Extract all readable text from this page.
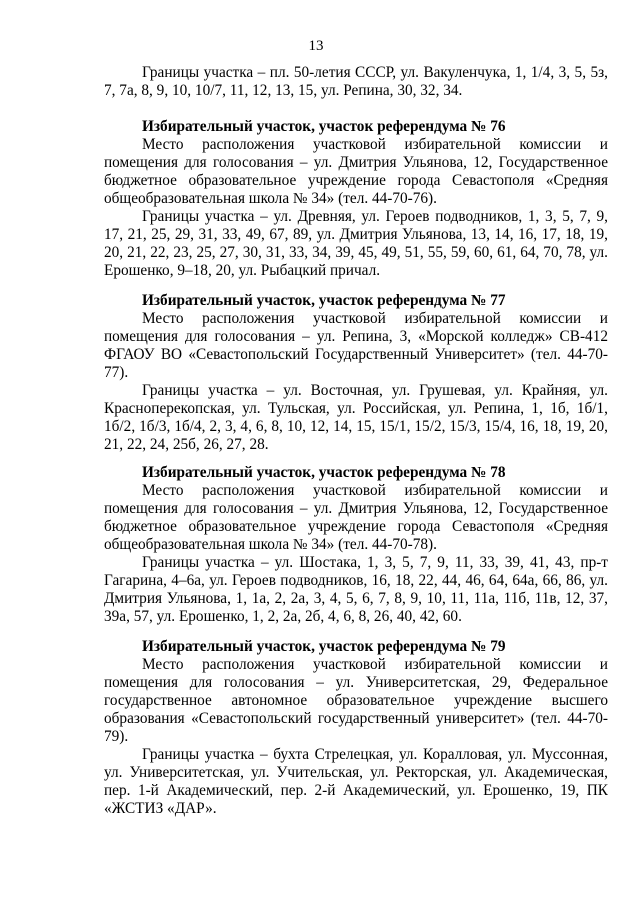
13

Границы участка – пл. 50-летия СССР, ул. Вакуленчука, 1, 1/4, 3, 5, 5з, 7, 7а, 8, 9, 10, 10/7, 11, 12, 13, 15, ул. Репина, 30, 32, 34.

Избирательный участок, участок референдума № 76

Место расположения участковой избирательной комиссии и помещения для голосования – ул. Дмитрия Ульянова, 12, Государственное бюджетное образовательное учреждение города Севастополя «Средняя общеобразовательная школа № 34» (тел. 44-70-76).

Границы участка – ул. Древняя, ул. Героев подводников, 1, 3, 5, 7, 9, 17, 21, 25, 29, 31, 33, 49, 67, 89, ул. Дмитрия Ульянова, 13, 14, 16, 17, 18, 19, 20, 21, 22, 23, 25, 27, 30, 31, 33, 34, 39, 45, 49, 51, 55, 59, 60, 61, 64, 70, 78, ул. Ерошенко, 9–18, 20, ул. Рыбацкий причал.

Избирательный участок, участок референдума № 77

Место расположения участковой избирательной комиссии и помещения для голосования – ул. Репина, 3, «Морской колледж» СВ-412 ФГАОУ ВО «Севастопольский Государственный Университет» (тел. 44-70-77).

Границы участка – ул. Восточная, ул. Грушевая, ул. Крайняя, ул. Красноперекопская, ул. Тульская, ул. Российская, ул. Репина, 1, 1б, 1б/1, 1б/2, 1б/3, 1б/4, 2, 3, 4, 6, 8, 10, 12, 14, 15, 15/1, 15/2, 15/3, 15/4, 16, 18, 19, 20, 21, 22, 24, 25б, 26, 27, 28.

Избирательный участок, участок референдума № 78

Место расположения участковой избирательной комиссии и помещения для голосования – ул. Дмитрия Ульянова, 12, Государственное бюджетное образовательное учреждение города Севастополя «Средняя общеобразовательная школа № 34» (тел. 44-70-78).

Границы участка – ул. Шостака, 1, 3, 5, 7, 9, 11, 33, 39, 41, 43, пр-т Гагарина, 4–6а, ул. Героев подводников, 16, 18, 22, 44, 46, 64, 64а, 66, 86, ул. Дмитрия Ульянова, 1, 1а, 2, 2а, 3, 4, 5, 6, 7, 8, 9, 10, 11, 11а, 11б, 11в, 12, 37, 39а, 57, ул. Ерошенко, 1, 2, 2а, 2б, 4, 6, 8, 26, 40, 42, 60.

Избирательный участок, участок референдума № 79

Место расположения участковой избирательной комиссии и помещения для голосования – ул. Университетская, 29, Федеральное государственное автономное образовательное учреждение высшего образования «Севастопольский государственный университет» (тел. 44-70-79).

Границы участка – бухта Стрелецкая, ул. Коралловая, ул. Муссонная, ул. Университетская, ул. Учительская, ул. Ректорская, ул. Академическая, пер. 1-й Академический, пер. 2-й Академический, ул. Ерошенко, 19, ПК «ЖСТИЗ «ДАР».
